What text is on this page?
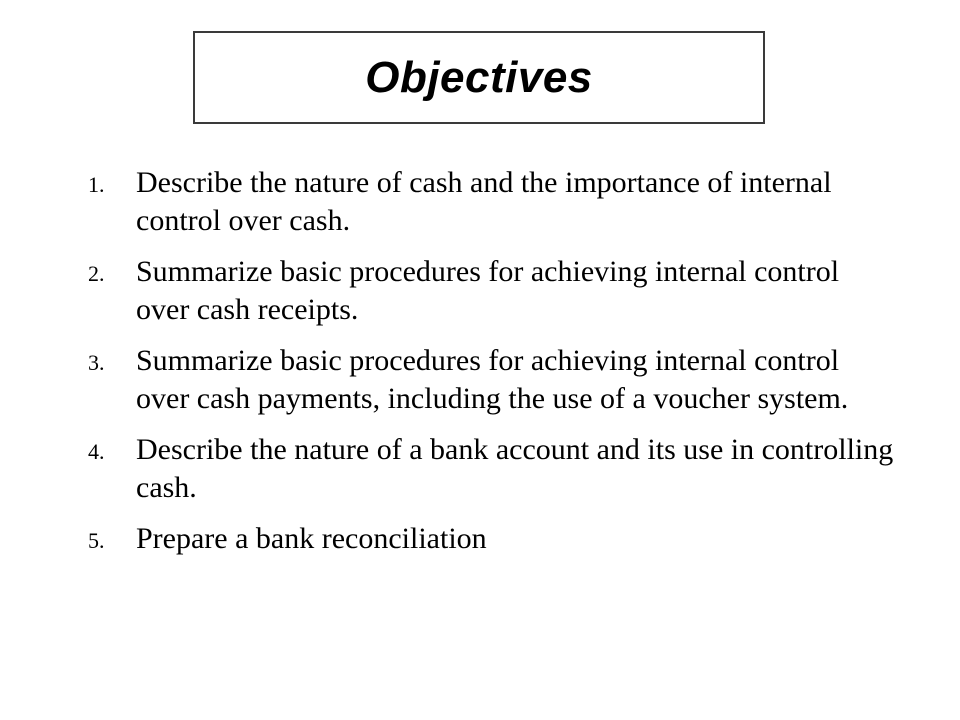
Objectives
1.	Describe the nature of cash and the importance of internal control over cash.
2.	Summarize basic procedures for achieving internal control over cash receipts.
3.	Summarize basic procedures for achieving internal control over cash payments, including the use of a voucher system.
4.	Describe the nature of a bank account and its use in controlling cash.
5.	Prepare a bank reconciliation
